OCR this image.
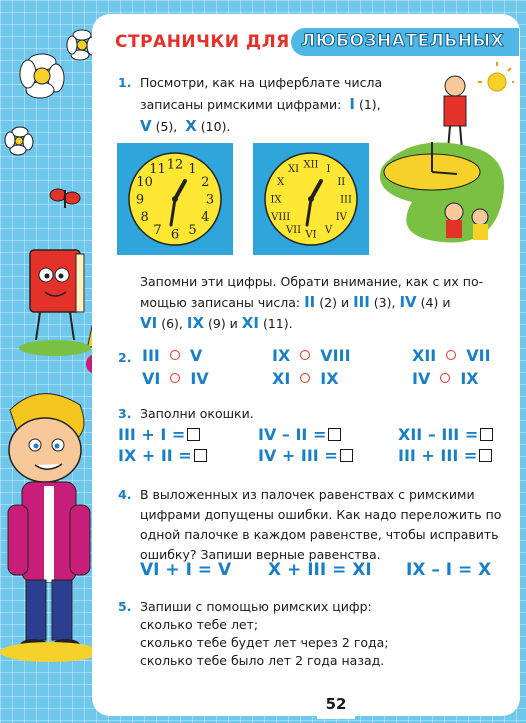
СТРАНИЧКИ ДЛЯ ЛЮБОЗНАТЕЛЬНЫХ
1. Посмотри, как на циферблате числа
записаны римскими цифрами: I (1),
V (5), X (10).
12 1
2
3
4
5
6
7
8
9
10
11	XII I
II
III
IV
V
VI
VII
VIII
IX
X
XI
Запомни эти цифры. Обрати внимание, как с их по-
мощью записаны числа: II (2) и III (3), IV (4) и
VI (6), IX (9) и XI (11).
2. III V	IX VIII	XII VII
VI IV	XI IX	IV IX
3. Заполни окошки.
III + I =	IV – II =	XII – III =
IX + II =	IV + III =	III + III =
4. В выложенных из палочек равенствах с римскими
цифрами допущены ошибки. Как надо переложить по
одной палочке в каждом равенстве, чтобы исправить
ошибку? Запиши верные равенства.
VI + I = V X + III = XI IX – I = X
5. Запиши с помощью римских цифр:
сколько тебе лет;
сколько тебе будет лет через 2 года;
сколько тебе было лет 2 года назад.
52
